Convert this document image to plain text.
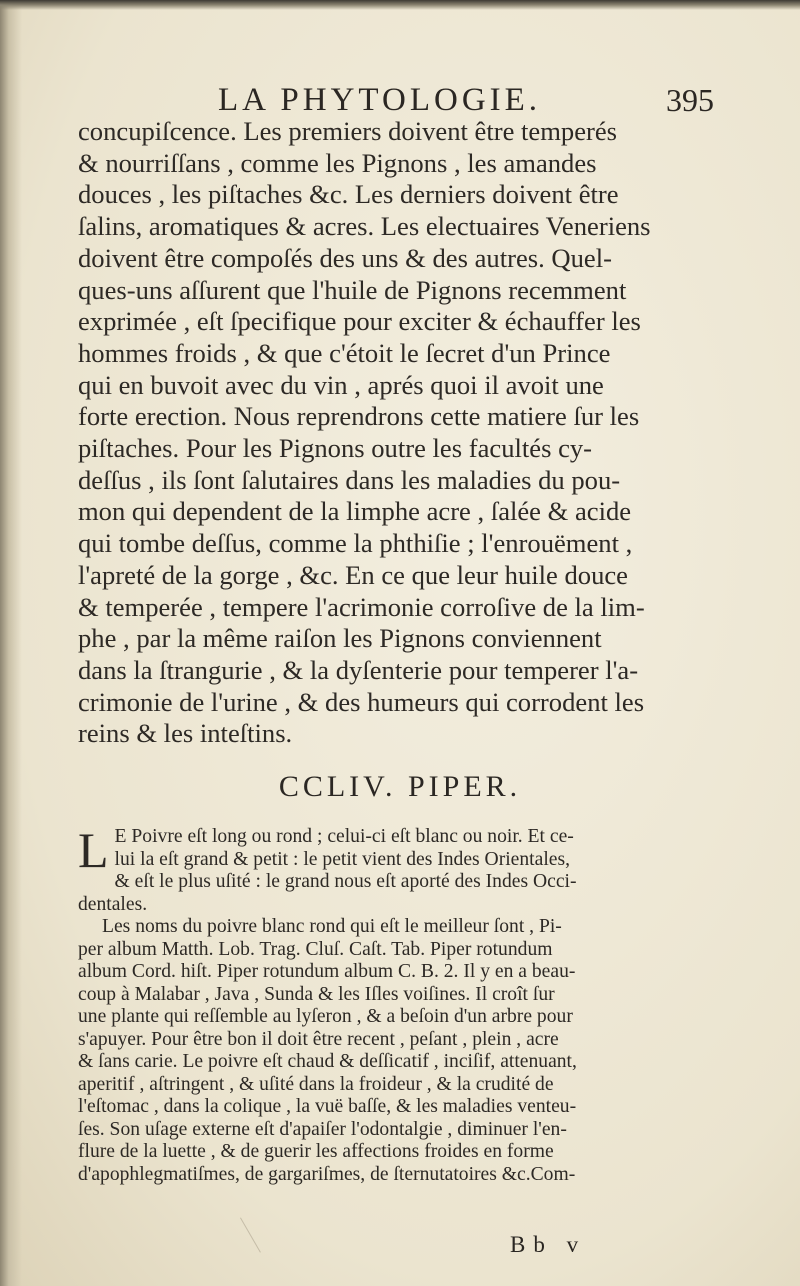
LA PHYTOLOGIE.	395

concupiſcence. Les premiers doivent être temperés

& nourriſſans , comme les Pignons , les amandes

douces , les piſtaches &c. Les derniers doivent être

ſalins, aromatiques & acres. Les electuaires Veneriens

doivent être compoſés des uns & des autres. Quel-

ques-uns aſſurent que l'huile de Pignons recemment

exprimée , eſt ſpecifique pour exciter & échauffer les

hommes froids , & que c'étoit le ſecret d'un Prince

qui en buvoit avec du vin , aprés quoi il avoit une

forte erection. Nous reprendrons cette matiere ſur les

piſtaches. Pour les Pignons outre les facultés cy-

deſſus , ils ſont ſalutaires dans les maladies du pou-

mon qui dependent de la limphe acre , ſalée & acide

qui tombe deſſus, comme la phthiſie ; l'enrouëment ,

l'apreté de la gorge , &c. En ce que leur huile douce

& temperée , tempere l'acrimonie corroſive de la lim-

phe , par la même raiſon les Pignons conviennent

dans la ſtrangurie , & la dyſenterie pour temperer l'a-

crimonie de l'urine , & des humeurs qui corrodent les

reins & les inteſtins.

CCLIV. PIPER.
L E Poivre eſt long ou rond ; celui-ci eſt blanc ou noir. Et ce-

lui la eſt grand & petit : le petit vient des Indes Orientales,

& eſt le plus uſité : le grand nous eſt aporté des Indes Occi-

dentales.

Les noms du poivre blanc rond qui eſt le meilleur ſont , Pi-

per album Matth. Lob. Trag. Cluſ. Caſt. Tab. Piper rotundum

album Cord. hiſt. Piper rotundum album C. B. 2. Il y en a beau-

coup à Malabar , Java , Sunda & les Iſles voiſines. Il croît ſur

une plante qui reſſemble au lyſeron , & a beſoin d'un arbre pour

s'apuyer. Pour être bon il doit être recent , peſant , plein , acre

& ſans carie. Le poivre eſt chaud & deſſicatif , inciſif, attenuant,

aperitif , aſtringent , & uſité dans la froideur , & la crudité de

l'eſtomac , dans la colique , la vuë baſſe, & les maladies venteu-

ſes. Son uſage externe eſt d'apaiſer l'odontalgie , diminuer l'en-

flure de la luette , & de guerir les affections froides en forme

d'apophlegmatiſmes, de gargariſmes, de ſternutatoires &c.Com-

Bb v
